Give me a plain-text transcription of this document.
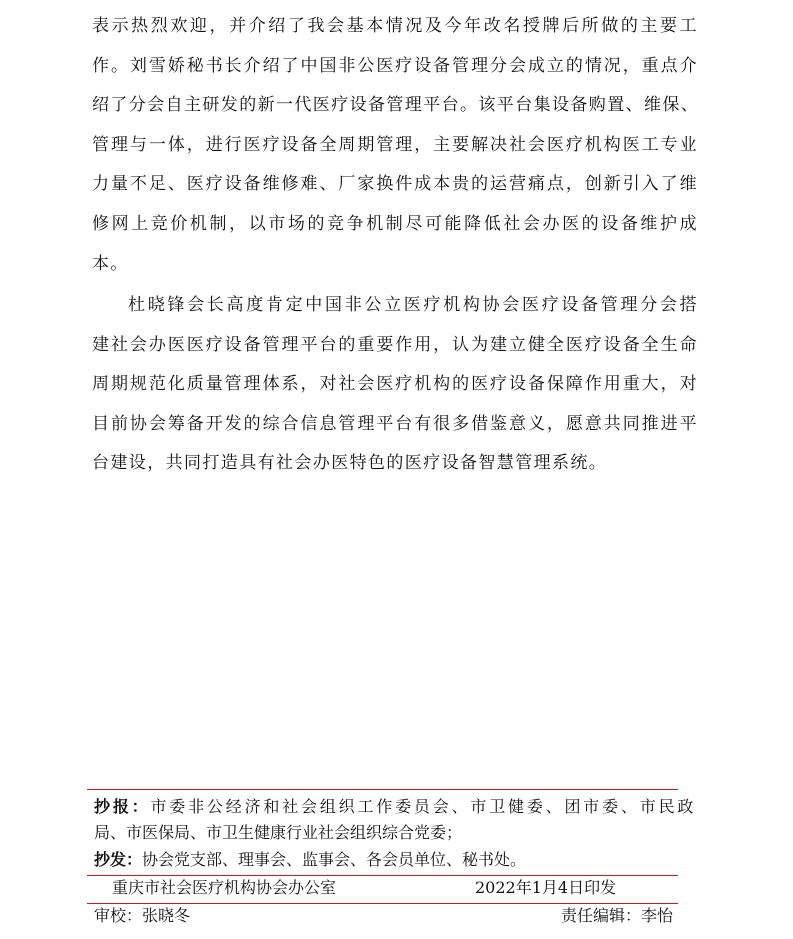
表示热烈欢迎，并介绍了我会基本情况及今年改名授牌后所做的主要工
作。刘雪娇秘书长介绍了中国非公医疗设备管理分会成立的情况，重点介
绍了分会自主研发的新一代医疗设备管理平台。该平台集设备购置、维保、
管理与一体，进行医疗设备全周期管理，主要解决社会医疗机构医工专业
力量不足、医疗设备维修难、厂家换件成本贵的运营痛点，创新引入了维
修网上竞价机制，以市场的竞争机制尽可能降低社会办医的设备维护成
本。
杜晓锋会长高度肯定中国非公立医疗机构协会医疗设备管理分会搭
建社会办医医疗设备管理平台的重要作用，认为建立健全医疗设备全生命
周期规范化质量管理体系，对社会医疗机构的医疗设备保障作用重大，对
目前协会筹备开发的综合信息管理平台有很多借鉴意义，愿意共同推进平
台建设，共同打造具有社会办医特色的医疗设备智慧管理系统。
抄报：市委非公经济和社会组织工作委员会、市卫健委、团市委、市民政
局、市医保局、市卫生健康行业社会组织综合党委；
抄发：协会党支部、理事会、监事会、各会员单位、秘书处。
重庆市社会医疗机构协会办公室	2022年1月4日印发
审校：张晓冬	责任编辑：李怡
